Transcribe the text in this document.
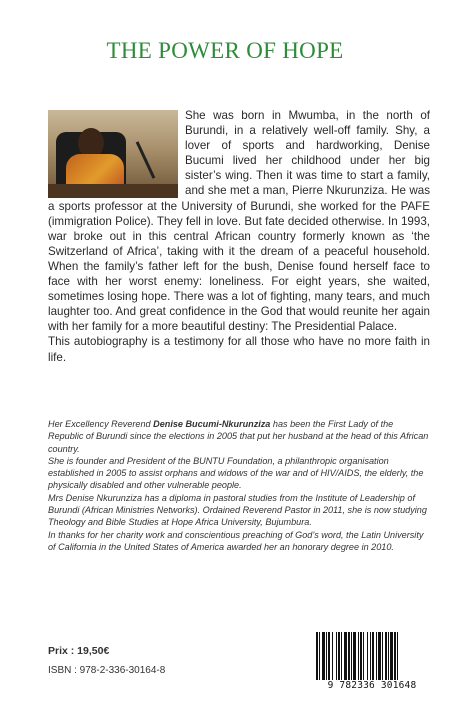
THE POWER OF HOPE

She was born in Mwumba, in the north of Burundi, in a relatively well-off family. Shy, a lover of sports and hardworking, Denise Bucumi lived her childhood under her big sister’s wing. Then it was time to start a family, and she met a man, Pierre Nkurunziza. He was a sports professor at the University of Burundi, she worked for the PAFE (immigration Police). They fell in love. But fate decided otherwise. In 1993, war broke out in this central African country formerly known as ‘the Switzerland of Africa’, taking with it the dream of a peaceful household. When the family’s father left for the bush, Denise found herself face to face with her worst enemy: loneliness. For eight years, she waited, sometimes losing hope. There was a lot of fighting, many tears, and much laughter too. And great confidence in the God that would reunite her again with her family for a more beautiful destiny: The Presidential Palace.

This autobiography is a testimony for all those who have no more faith in life.

Her Excellency Reverend Denise Bucumi-Nkurunziza has been the First Lady of the Republic of Burundi since the elections in 2005 that put her husband at the head of this African country.

She is founder and President of the BUNTU Foundation, a philanthropic organisation established in 2005 to assist orphans and widows of the war and of HIV/AIDS, the elderly, the physically disabled and other vulnerable people.

Mrs Denise Nkurunziza has a diploma in pastoral studies from the Institute of Leadership of Burundi (African Ministries Networks). Ordained Reverend Pastor in 2011, she is now studying Theology and Bible Studies at Hope Africa University, Bujumbura.

In thanks for her charity work and conscientious preaching of God’s word, the Latin University of California in the United States of America awarded her an honorary degree in 2010.

Prix : 19,50€
ISBN : 978-2-336-30164-8
9 782336 301648
